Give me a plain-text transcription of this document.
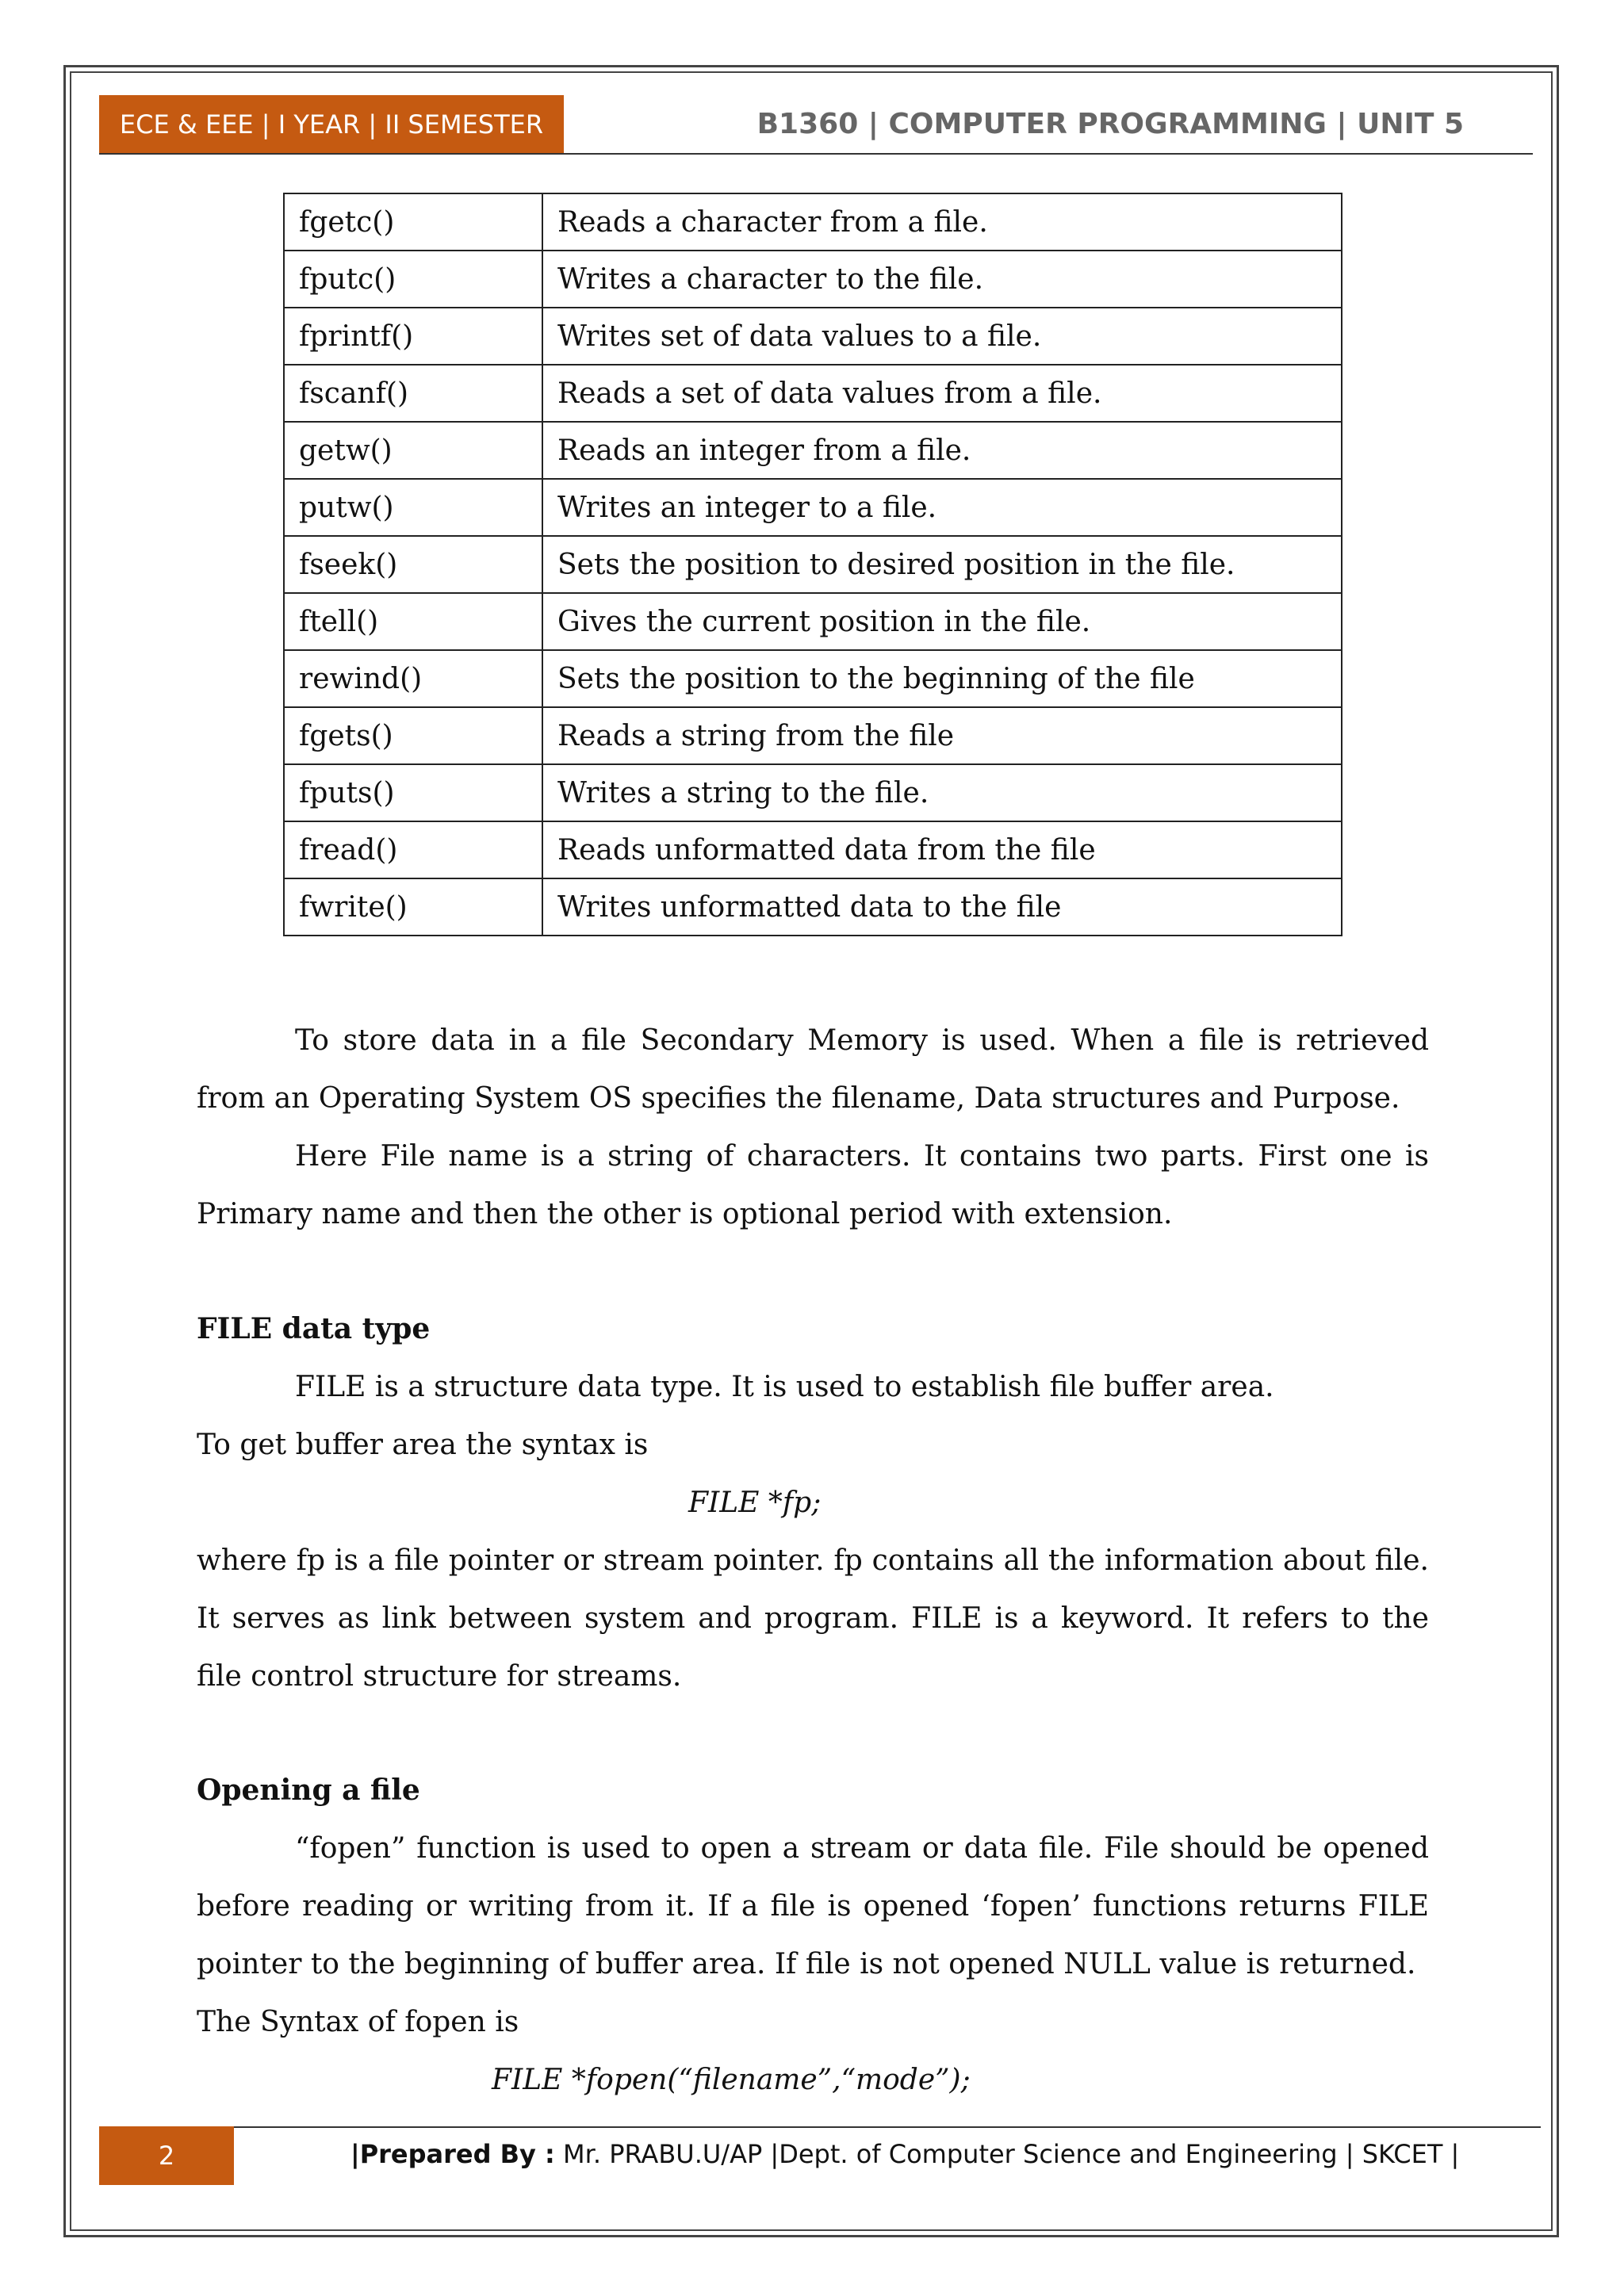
ECE & EEE | I YEAR | II SEMESTER	B1360 | COMPUTER PROGRAMMING | UNIT 5
fgetc()	Reads a character from a file.
fputc()	Writes a character to the file.
fprintf()	Writes set of data values to a file.
fscanf()	Reads a set of data values from a file.
getw()	Reads an integer from a file.
putw()	Writes an integer to a file.
fseek()	Sets the position to desired position in the file.
ftell()	Gives the current position in the file.
rewind()	Sets the position to the beginning of the file
fgets()	Reads a string from the file
fputs()	Writes a string to the file.
fread()	Reads unformatted data from the file
fwrite()	Writes unformatted data to the file
To store data in a file Secondary Memory is used. When a file is retrieved from an Operating System OS specifies the filename, Data structures and Purpose.
Here File name is a string of characters. It contains two parts. First one is Primary name and then the other is optional period with extension.
FILE data type
FILE is a structure data type. It is used to establish file buffer area.
To get buffer area the syntax is
FILE *fp;
where fp is a file pointer or stream pointer. fp contains all the information about file. It serves as link between system and program. FILE is a keyword. It refers to the file control structure for streams.
Opening a file
“fopen” function is used to open a stream or data file. File should be opened before reading or writing from it. If a file is opened ‘fopen’ functions returns FILE pointer to the beginning of buffer area. If file is not opened NULL value is returned.
The Syntax of fopen is
FILE *fopen(“filename”,“mode”);
2	|Prepared By : Mr. PRABU.U/AP |Dept. of Computer Science and Engineering | SKCET |
